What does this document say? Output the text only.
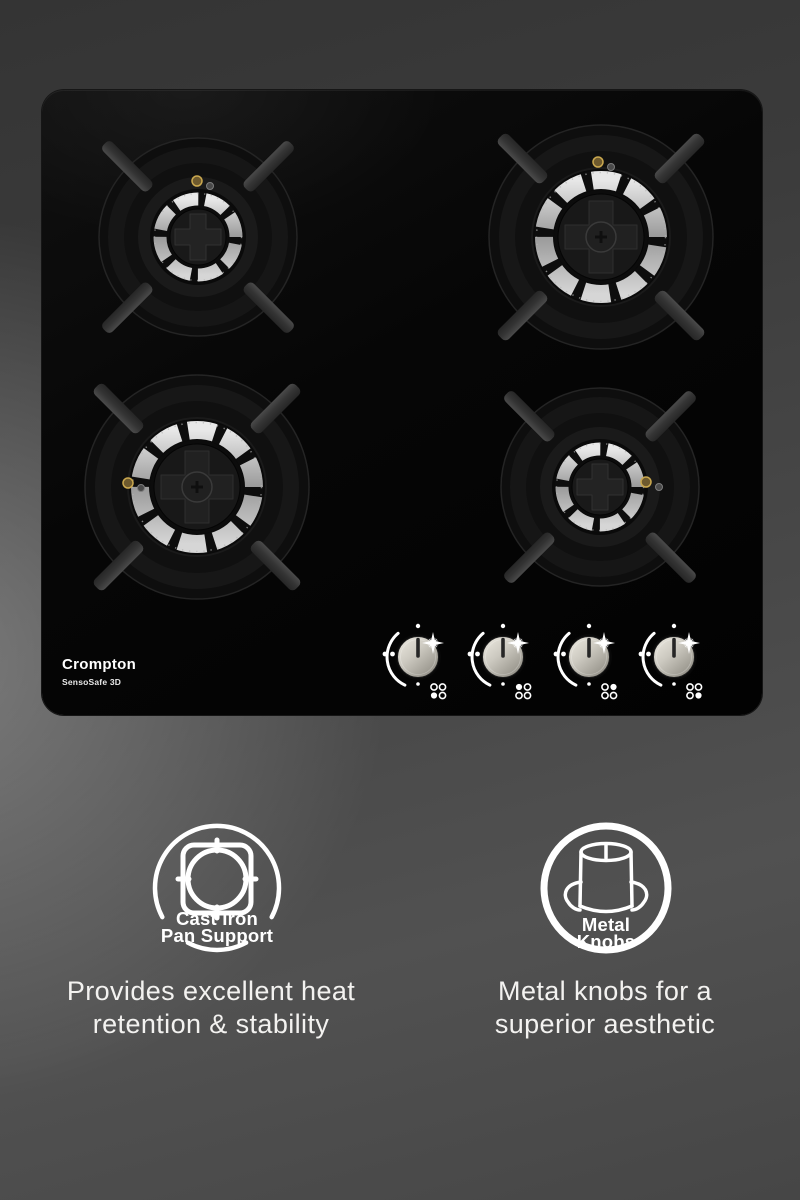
Crompton
SensoSafe 3D
Cast Iron
Pan Support
Provides excellent heat
retention & stability
Metal
Knobs
Metal knobs for a
superior aesthetic
